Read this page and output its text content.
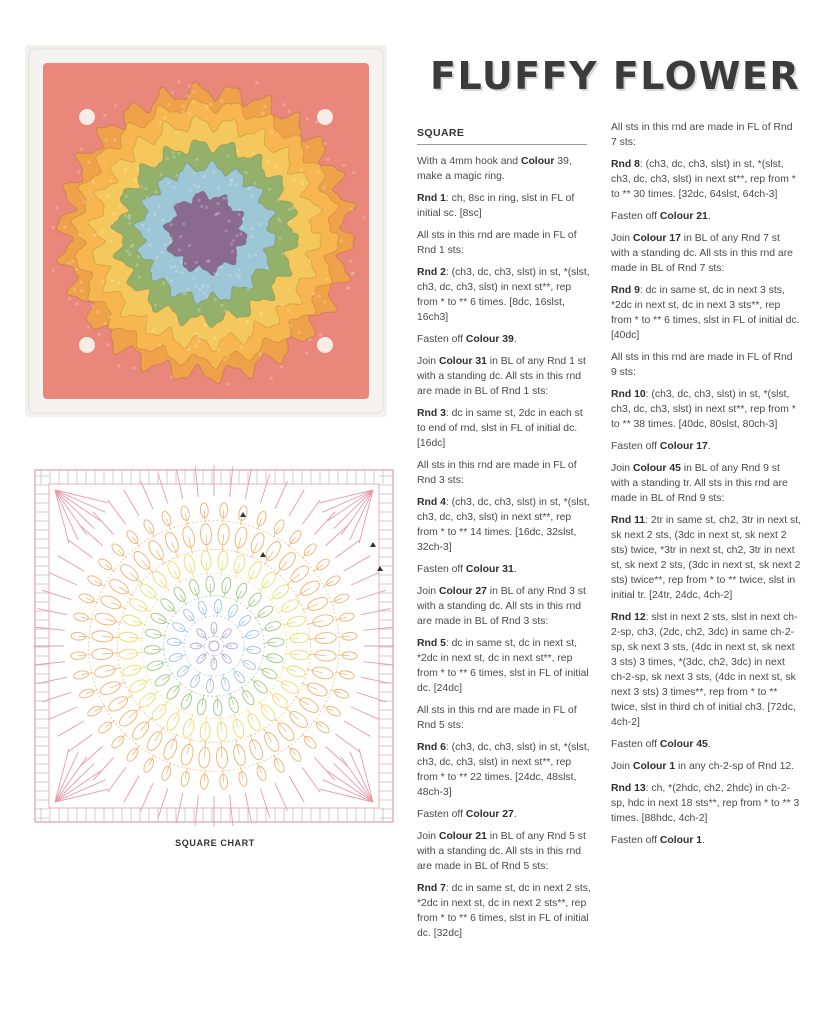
SQUARE CHART
FLUFFY FLOWER

SQUARE

With a 4mm hook and Colour 39, make a magic ring.

Rnd 1: ch, 8sc in ring, slst in FL of initial sc. [8sc]

All sts in this rnd are made in FL of Rnd 1 sts:

Rnd 2: (ch3, dc, ch3, slst) in st, *(slst, ch3, dc, ch3, slst) in next st**, rep from * to ** 6 times. [8dc, 16slst, 16ch3]

Fasten off Colour 39.

Join Colour 31 in BL of any Rnd 1 st with a standing dc. All sts in this rnd are made in BL of Rnd 1 sts:

Rnd 3: dc in same st, 2dc in each st to end of rnd, slst in FL of initial dc. [16dc]

All sts in this rnd are made in FL of Rnd 3 sts:

Rnd 4: (ch3, dc, ch3, slst) in st, *(slst, ch3, dc, ch3, slst) in next st**, rep from * to ** 14 times. [16dc, 32slst, 32ch-3]

Fasten off Colour 31.

Join Colour 27 in BL of any Rnd 3 st with a standing dc. All sts in this rnd are made in BL of Rnd 3 sts:

Rnd 5: dc in same st, dc in next st, *2dc in next st, dc in next st**, rep from * to ** 6 times, slst in FL of initial dc. [24dc]

All sts in this rnd are made in FL of Rnd 5 sts:

Rnd 6: (ch3, dc, ch3, slst) in st, *(slst, ch3, dc, ch3, slst) in next st**, rep from * to ** 22 times. [24dc, 48slst, 48ch-3]

Fasten off Colour 27.

Join Colour 21 in BL of any Rnd 5 st with a standing dc. All sts in this rnd are made in BL of Rnd 5 sts:

Rnd 7: dc in same st, dc in next 2 sts, *2dc in next st, dc in next 2 sts**, rep from * to ** 6 times, slst in FL of initial dc. [32dc]

All sts in this rnd are made in FL of Rnd 7 sts:

Rnd 8: (ch3, dc, ch3, slst) in st, *(slst, ch3, dc, ch3, slst) in next st**, rep from * to ** 30 times. [32dc, 64slst, 64ch-3]

Fasten off Colour 21.

Join Colour 17 in BL of any Rnd 7 st with a standing dc. All sts in this rnd are made in BL of Rnd 7 sts:

Rnd 9: dc in same st, dc in next 3 sts, *2dc in next st, dc in next 3 sts**, rep from * to ** 6 times, slst in FL of initial dc. [40dc]

All sts in this rnd are made in FL of Rnd 9 sts:

Rnd 10: (ch3, dc, ch3, slst) in st, *(slst, ch3, dc, ch3, slst) in next st**, rep from * to ** 38 times. [40dc, 80slst, 80ch-3]

Fasten off Colour 17.

Join Colour 45 in BL of any Rnd 9 st with a standing tr. All sts in this rnd are made in BL of Rnd 9 sts:

Rnd 11: 2tr in same st, ch2, 3tr in next st, sk next 2 sts, (3dc in next st, sk next 2 sts) twice, *3tr in next st, ch2, 3tr in next st, sk next 2 sts, (3dc in next st, sk next 2 sts) twice**, rep from * to ** twice, slst in initial tr. [24tr, 24dc, 4ch-2]

Rnd 12: slst in next 2 sts, slst in next ch-2-sp, ch3, (2dc, ch2, 3dc) in same ch-2-sp, sk next 3 sts, (4dc in next st, sk next 3 sts) 3 times, *(3dc, ch2, 3dc) in next ch-2-sp, sk next 3 sts, (4dc in next st, sk next 3 sts) 3 times**, rep from * to ** twice, slst in third ch of initial ch3. [72dc, 4ch-2]

Fasten off Colour 45.

Join Colour 1 in any ch-2-sp of Rnd 12.

Rnd 13: ch, *(2hdc, ch2, 2hdc) in ch-2-sp, hdc in next 18 sts**, rep from * to ** 3 times. [88hdc, 4ch-2]

Fasten off Colour 1.
